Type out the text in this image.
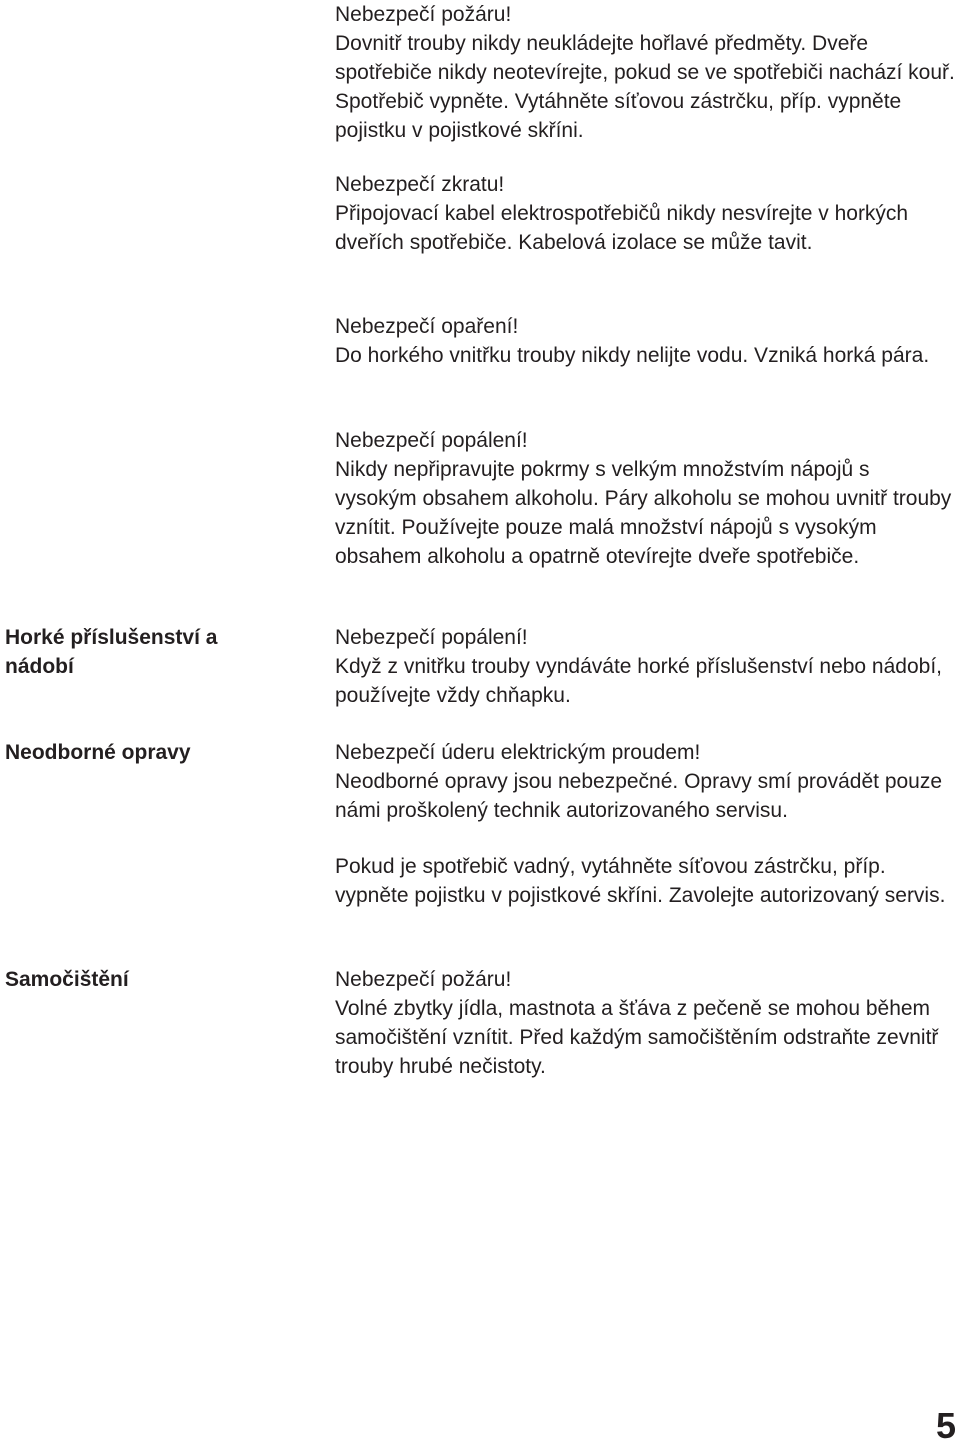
Horké příslušenství a nádobí
Neodborné opravy
Samočištění

Nebezpečí požáru!

Dovnitř trouby nikdy neukládejte hořlavé předměty. Dveře spotřebiče nikdy neotevírejte, pokud se ve spotřebiči nachází kouř. Spotřebič vypněte. Vytáhněte síťovou zástrčku, příp. vypněte pojistku v pojistkové skříni.

Nebezpečí zkratu!

Připojovací kabel elektrospotřebičů nikdy nesvírejte v horkých dveřích spotřebiče. Kabelová izolace se může tavit.

Nebezpečí opaření!

Do horkého vnitřku trouby nikdy nelijte vodu. Vzniká horká pára.

Nebezpečí popálení!

Nikdy nepřipravujte pokrmy s velkým množstvím nápojů s vysokým obsahem alkoholu. Páry alkoholu se mohou uvnitř trouby vznítit. Používejte pouze malá množství nápojů s vysokým obsahem alkoholu a opatrně otevírejte dveře spotřebiče.

Nebezpečí popálení!

Když z vnitřku trouby vyndáváte horké příslušenství nebo nádobí, používejte vždy chňapku.

Nebezpečí úderu elektrickým proudem!

Neodborné opravy jsou nebezpečné. Opravy smí provádět pouze námi proškolený technik autorizovaného servisu.

Pokud je spotřebič vadný, vytáhněte síťovou zástrčku, příp. vypněte pojistku v pojistkové skříni. Zavolejte autorizovaný servis.

Nebezpečí požáru!

Volné zbytky jídla, mastnota a šťáva z pečeně se mohou během samočištění vznítit. Před každým samočištěním odstraňte zevnitř trouby hrubé nečistoty.

5
